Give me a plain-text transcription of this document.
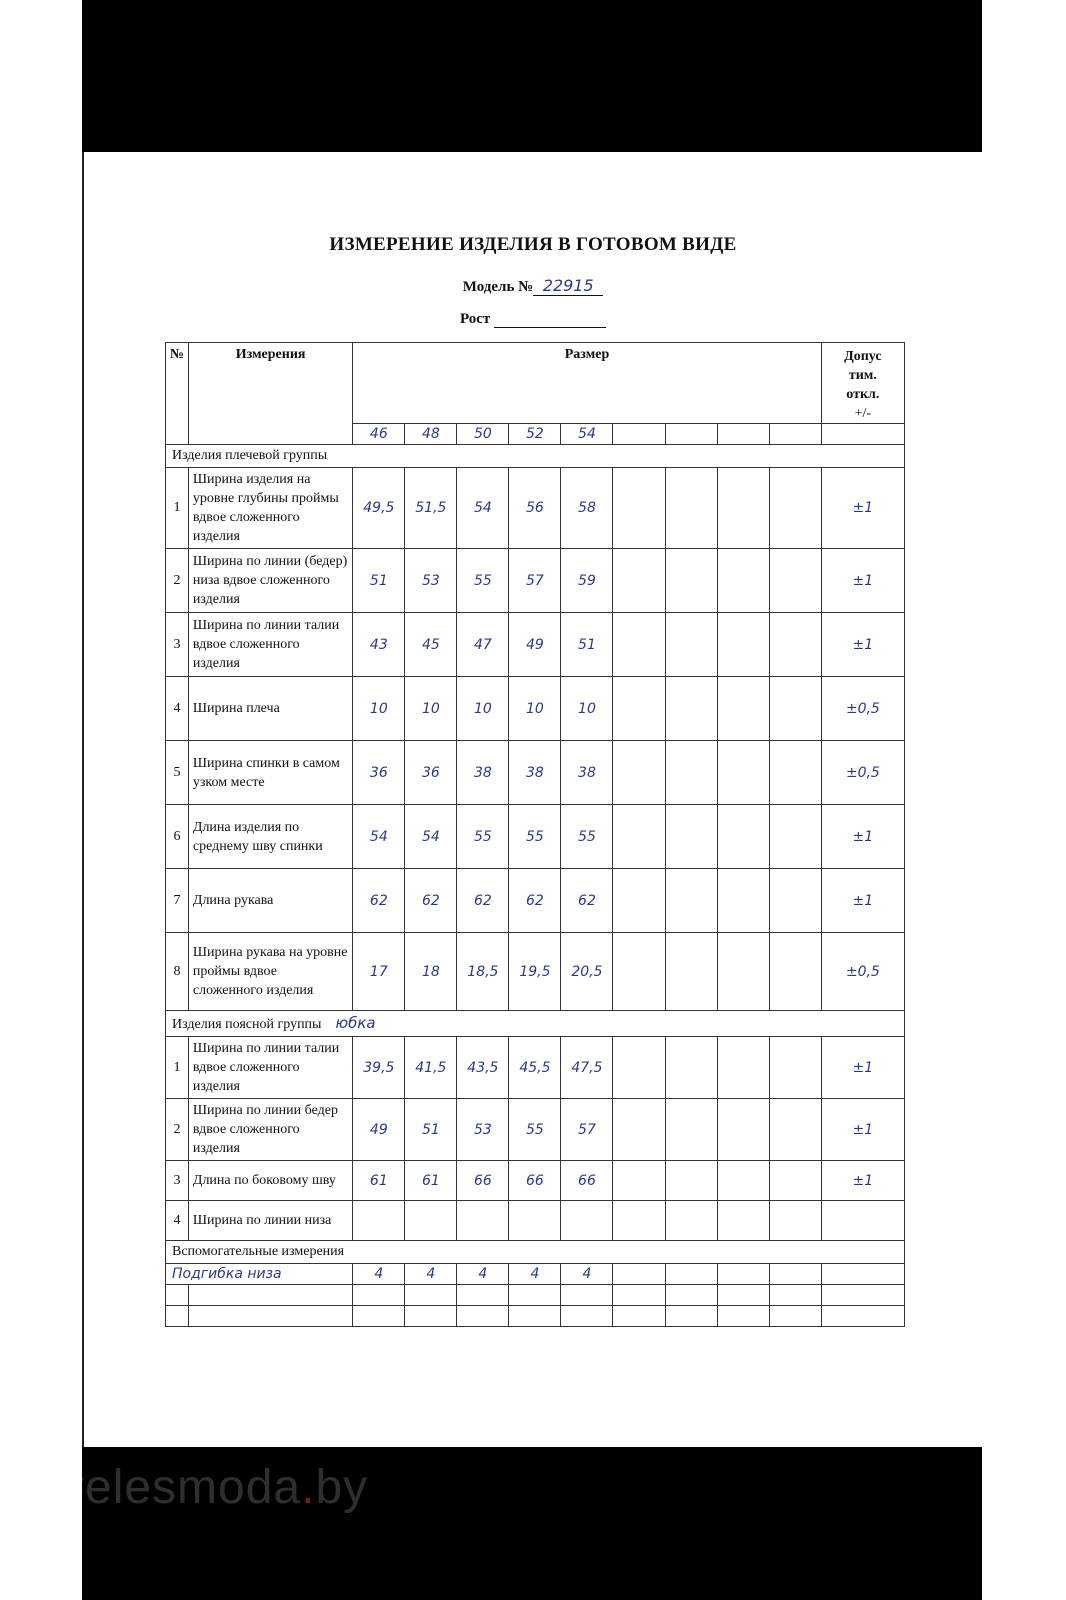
ИЗМЕРЕНИЕ ИЗДЕЛИЯ В ГОТОВОМ ВИДЕ
Модель № 22915
Рост
№	Измерения	Размер									Допус
тим.
откл.
+/-
		46	48	50	52	54					
Изделия плечевой группы											
1	Ширина изделия на уровне глубины проймы вдвое сложенного изделия	49,5	51,5	54	56	58					±1
2	Ширина по линии (бедер) низа вдвое сложенного изделия	51	53	55	57	59					±1
3	Ширина по линии талии вдвое сложенного изделия	43	45	47	49	51					±1
4	Ширина плеча	10	10	10	10	10					±0,5
5	Ширина спинки в самом узком месте	36	36	38	38	38					±0,5
6	Длина изделия по среднему шву спинки	54	54	55	55	55					±1
7	Длина рукава	62	62	62	62	62					±1
8	Ширина рукава на уровне проймы вдвое сложенного изделия	17	18	18,5	19,5	20,5					±0,5
Изделия поясной группы юбка											
1	Ширина по линии талии вдвое сложенного изделия	39,5	41,5	43,5	45,5	47,5					±1
2	Ширина по линии бедер вдвое сложенного изделия	49	51	53	55	57					±1
3	Длина по боковому шву	61	61	66	66	66					±1
4	Ширина по линии низа										
Вспомогательные измерения											
Подгибка низа		4	4	4	4	4					

velesmoda.by
